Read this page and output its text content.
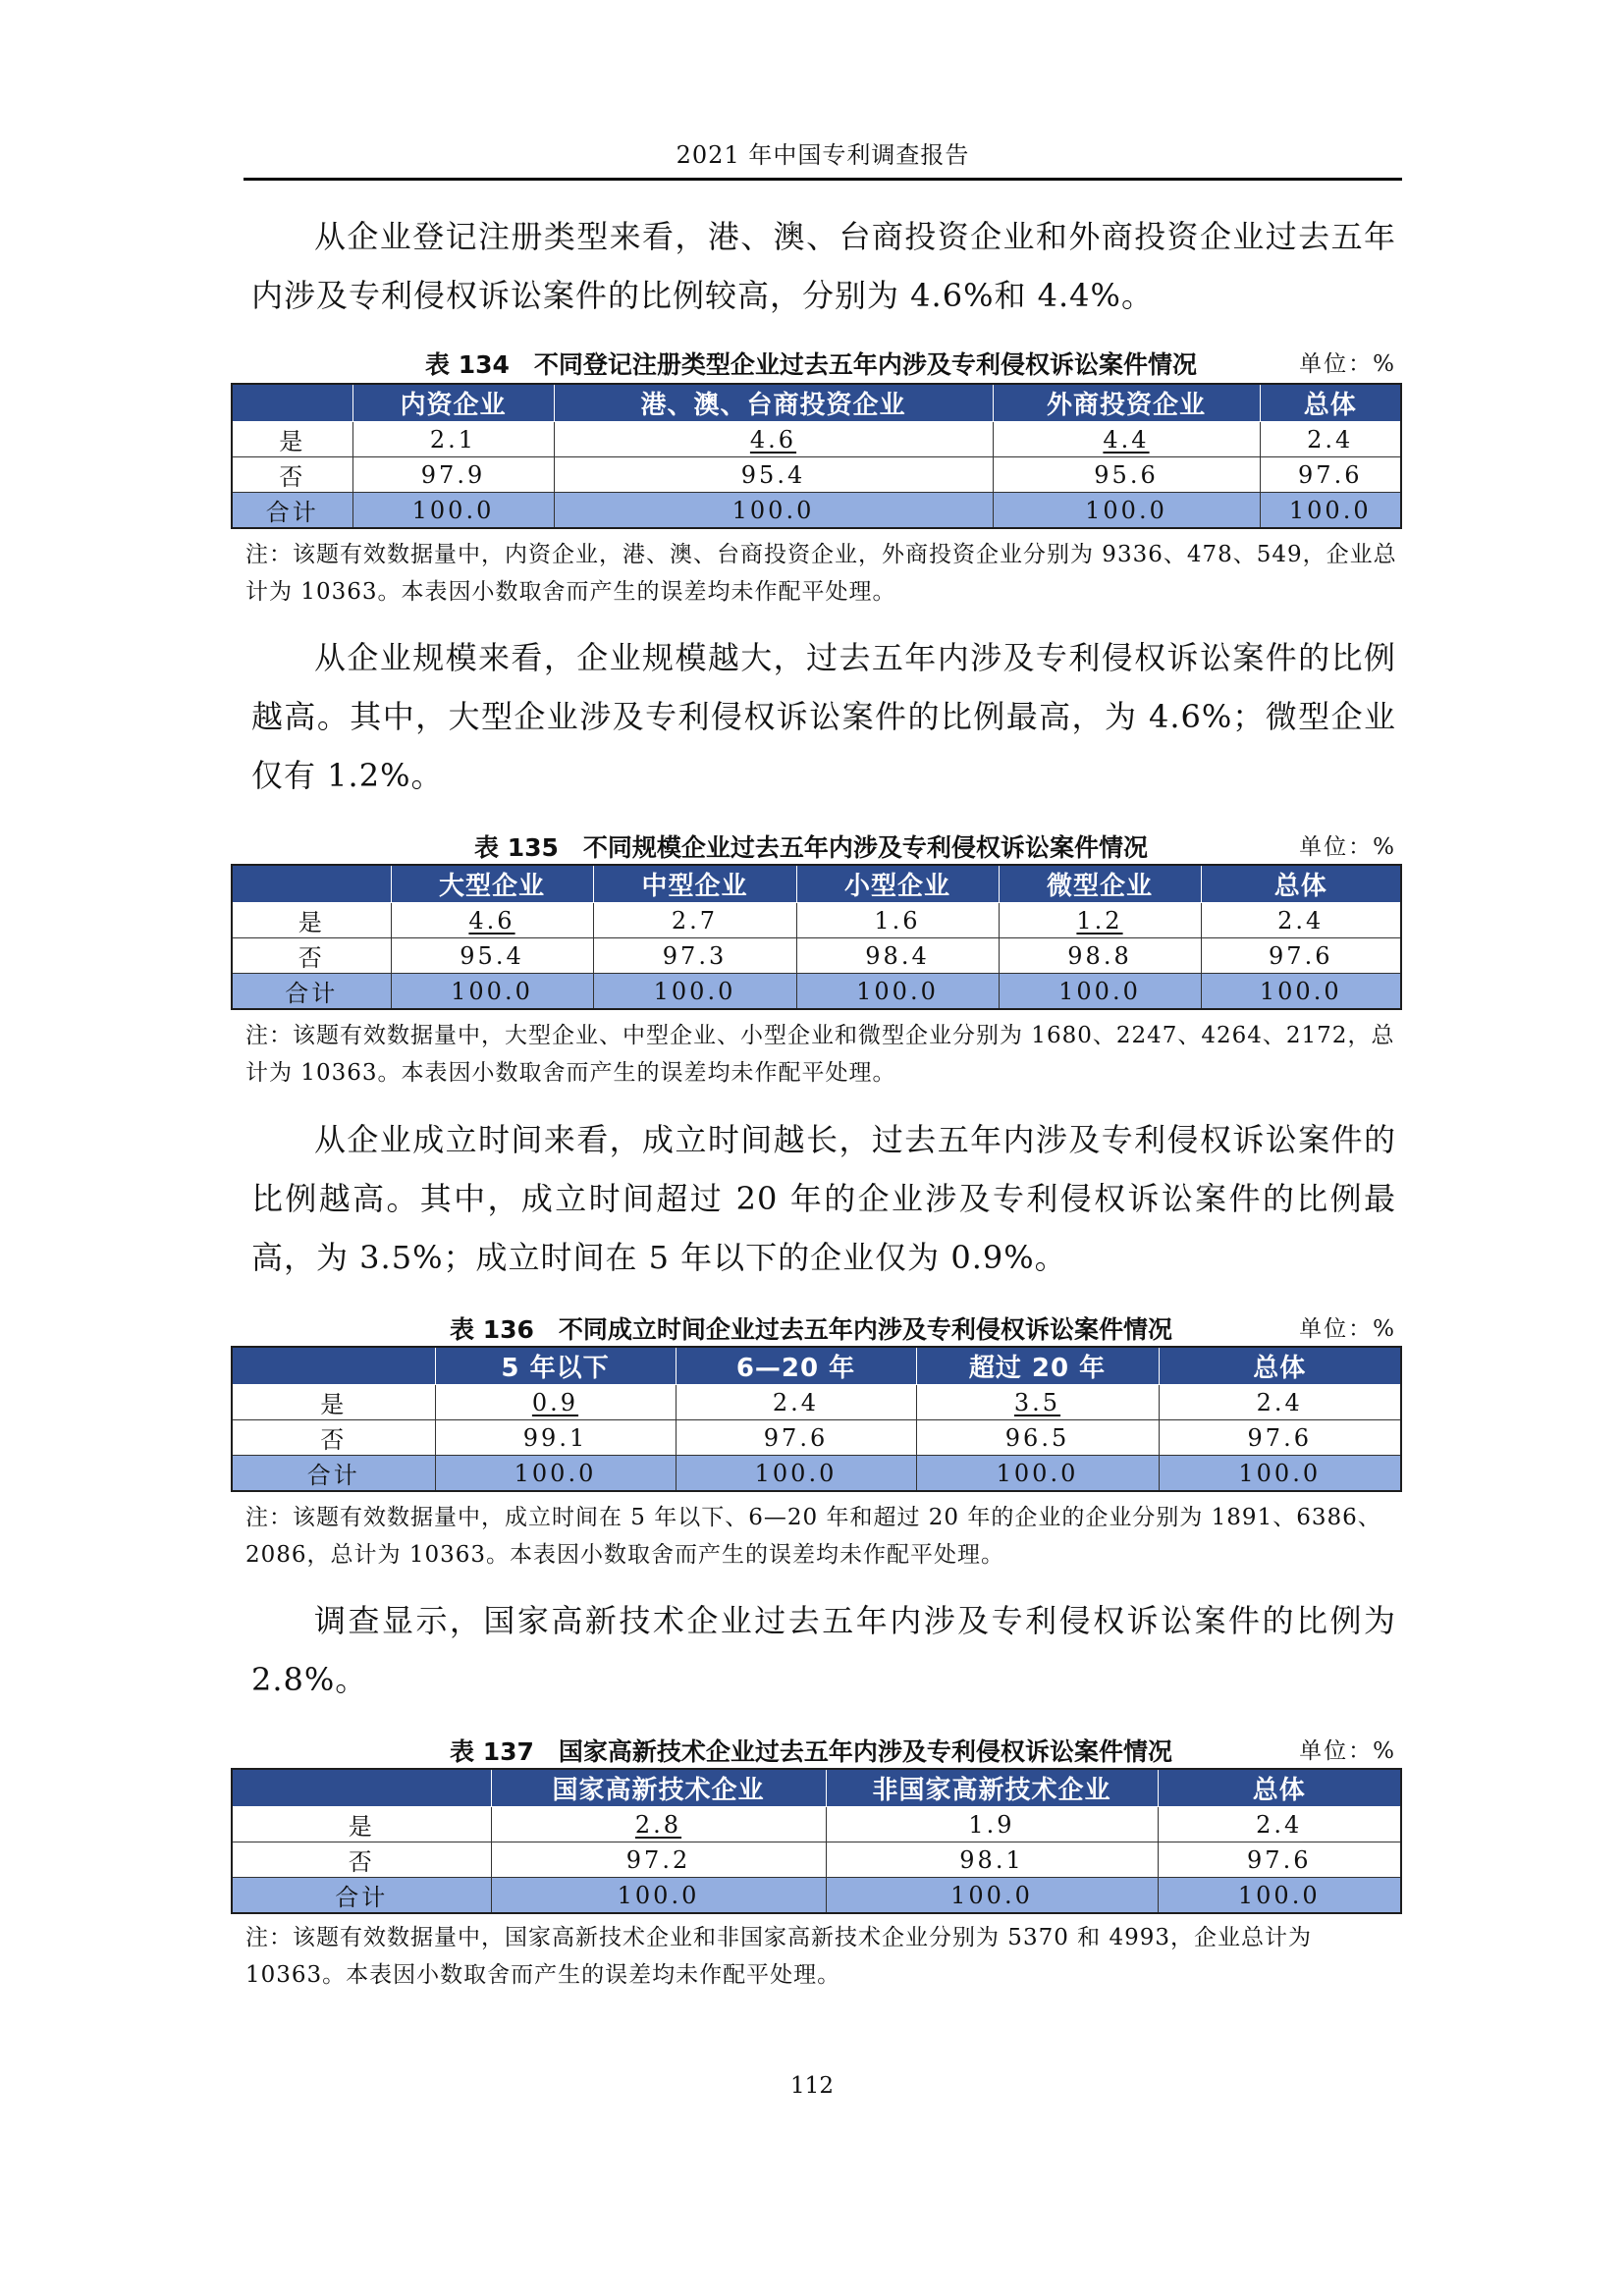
2021 年中国专利调查报告
从企业登记注册类型来看，港、澳、台商投资企业和外商投资企业过去五年内涉及专利侵权诉讼案件的比例较高，分别为 4.6%和 4.4%。
表 134　不同登记注册类型企业过去五年内涉及专利侵权诉讼案件情况	单位：%
	内资企业	港、澳、台商投资企业	外商投资企业	总体
是	2.1	4.6	4.4	2.4
否	97.9	95.4	95.6	97.6
合计	100.0	100.0	100.0	100.0
注：该题有效数据量中，内资企业，港、澳、台商投资企业，外商投资企业分别为 9336、478、549，企业总计为 10363。本表因小数取舍而产生的误差均未作配平处理。
从企业规模来看，企业规模越大，过去五年内涉及专利侵权诉讼案件的比例越高。其中，大型企业涉及专利侵权诉讼案件的比例最高，为 4.6%；微型企业仅有 1.2%。
表 135　不同规模企业过去五年内涉及专利侵权诉讼案件情况	单位：%
	大型企业	中型企业	小型企业	微型企业	总体
是	4.6	2.7	1.6	1.2	2.4
否	95.4	97.3	98.4	98.8	97.6
合计	100.0	100.0	100.0	100.0	100.0
注：该题有效数据量中，大型企业、中型企业、小型企业和微型企业分别为 1680、2247、4264、2172，总计为 10363。本表因小数取舍而产生的误差均未作配平处理。
从企业成立时间来看，成立时间越长，过去五年内涉及专利侵权诉讼案件的比例越高。其中，成立时间超过 20 年的企业涉及专利侵权诉讼案件的比例最高，为 3.5%；成立时间在 5 年以下的企业仅为 0.9%。
表 136　不同成立时间企业过去五年内涉及专利侵权诉讼案件情况	单位：%
	5 年以下	6—20 年	超过 20 年	总体
是	0.9	2.4	3.5	2.4
否	99.1	97.6	96.5	97.6
合计	100.0	100.0	100.0	100.0
注：该题有效数据量中，成立时间在 5 年以下、6—20 年和超过 20 年的企业的企业分别为 1891、6386、2086，总计为 10363。本表因小数取舍而产生的误差均未作配平处理。
调查显示，国家高新技术企业过去五年内涉及专利侵权诉讼案件的比例为 2.8%。
表 137　国家高新技术企业过去五年内涉及专利侵权诉讼案件情况	单位：%
	国家高新技术企业	非国家高新技术企业	总体
是	2.8	1.9	2.4
否	97.2	98.1	97.6
合计	100.0	100.0	100.0
注：该题有效数据量中，国家高新技术企业和非国家高新技术企业分别为 5370 和 4993，企业总计为 10363。本表因小数取舍而产生的误差均未作配平处理。
112
